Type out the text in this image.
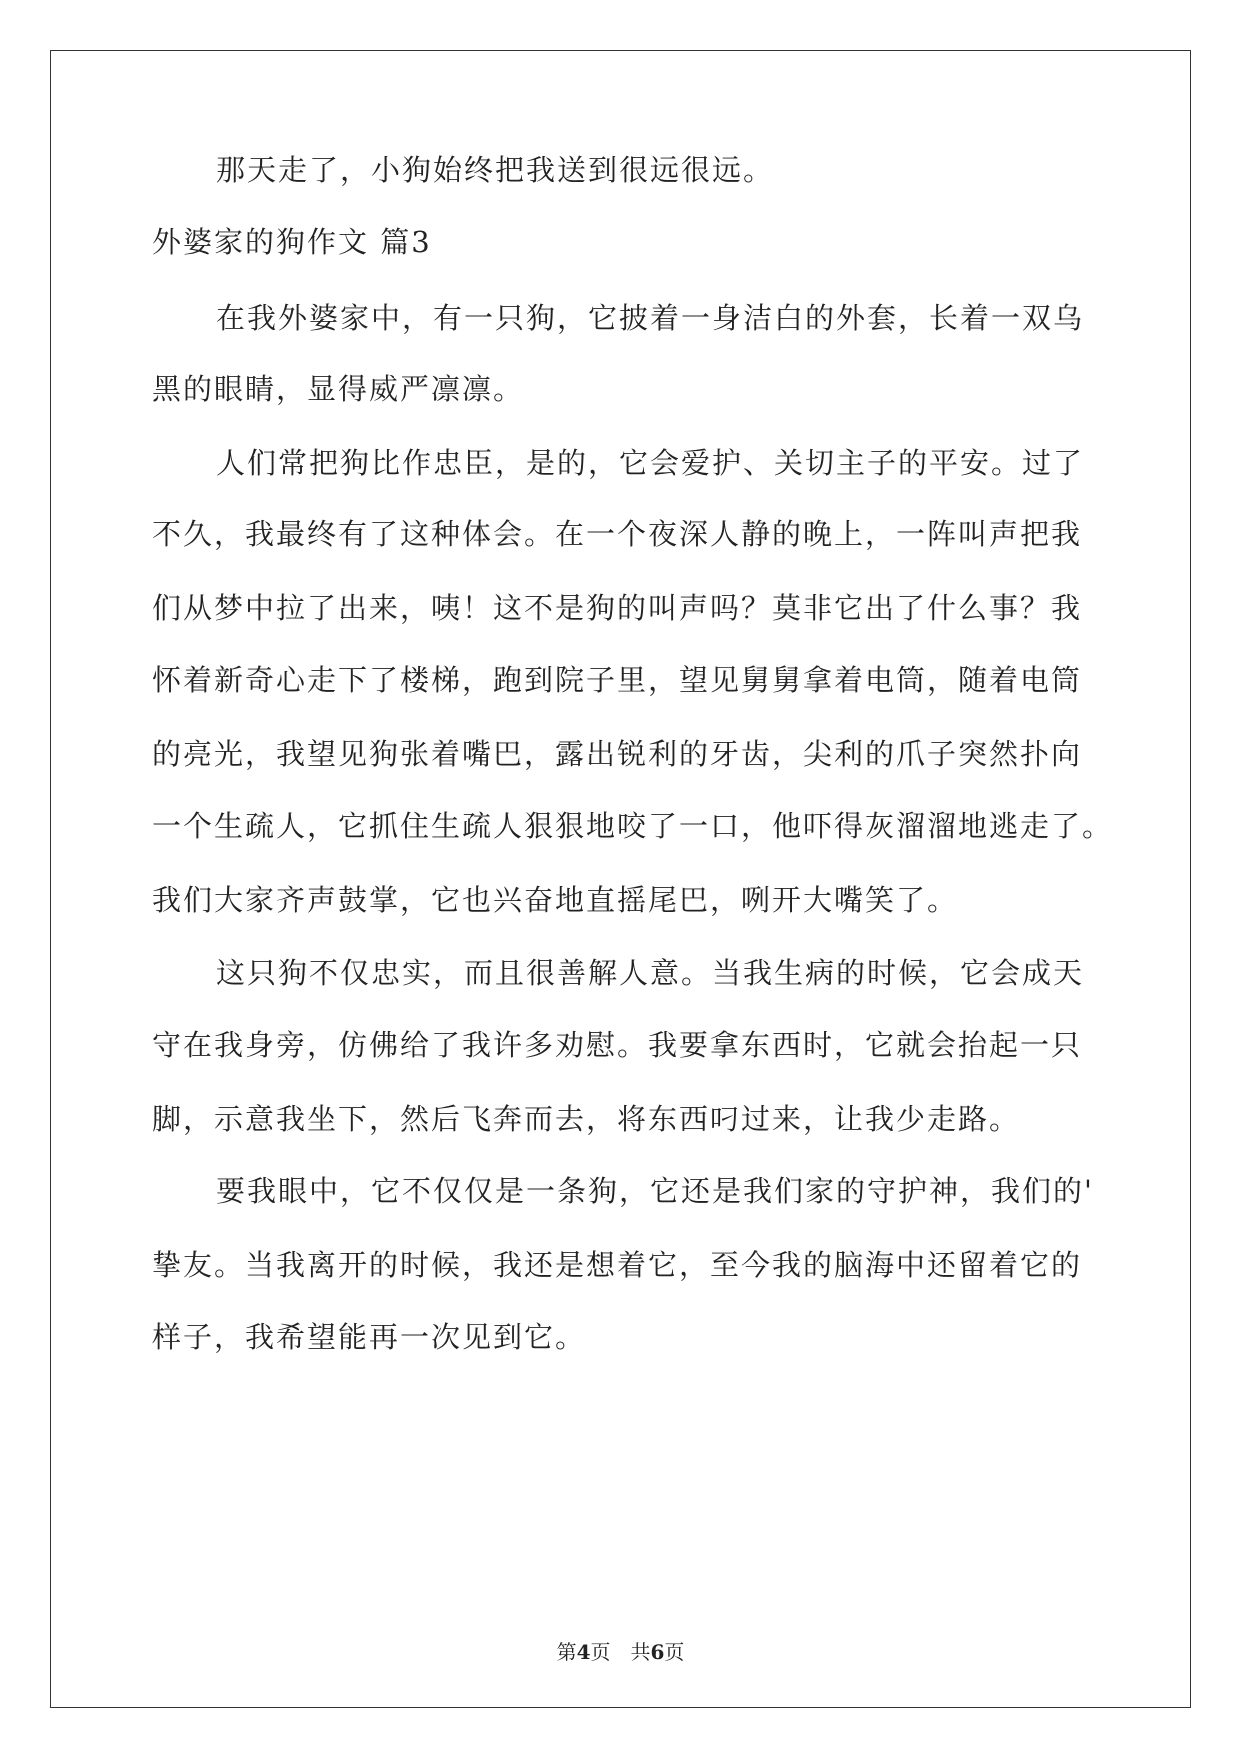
那天走了，小狗始终把我送到很远很远。
外婆家的狗作文 篇3
在我外婆家中，有一只狗，它披着一身洁白的外套，长着一双乌
黑的眼睛，显得威严凛凛。
人们常把狗比作忠臣，是的，它会爱护、关切主子的平安。过了
不久，我最终有了这种体会。在一个夜深人静的晚上，一阵叫声把我
们从梦中拉了出来，咦！这不是狗的叫声吗？莫非它出了什么事？我
怀着新奇心走下了楼梯，跑到院子里，望见舅舅拿着电筒，随着电筒
的亮光，我望见狗张着嘴巴，露出锐利的牙齿，尖利的爪子突然扑向
一个生疏人，它抓住生疏人狠狠地咬了一口，他吓得灰溜溜地逃走了。
我们大家齐声鼓掌，它也兴奋地直摇尾巴，咧开大嘴笑了。
这只狗不仅忠实，而且很善解人意。当我生病的时候，它会成天
守在我身旁，仿佛给了我许多劝慰。我要拿东西时，它就会抬起一只
脚，示意我坐下，然后飞奔而去，将东西叼过来，让我少走路。
要我眼中，它不仅仅是一条狗，它还是我们家的守护神，我们的'
挚友。当我离开的时候，我还是想着它，至今我的脑海中还留着它的
样子，我希望能再一次见到它。
第4页　共6页
